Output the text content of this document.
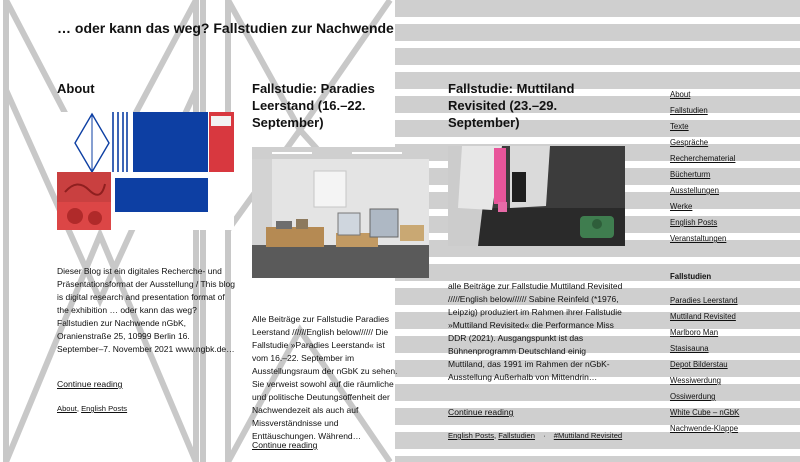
… oder kann das weg? Fallstudien zur Nachwende
About
Dieser Blog ist ein digitales Recherche- und Präsentationsformat der Ausstellung / This blog is digital research and presentation format of the exhibition … oder kann das weg? Fallstudien zur Nachwende nGbK, Oranienstraße 25, 10999 Berlin 16. September–7. November 2021 www.ngbk.de…
Continue reading
About, English Posts
Fallstudie: Paradies Leerstand (16.–22. September)
Alle Beiträge zur Fallstudie Paradies Leerstand //////English below////// Die Fallstudie »Paradies Leerstand« ist vom 16.–22. September im Ausstellungsraum der nGbK zu sehen. Sie verweist sowohl auf die räumliche und politische Deutungsoffenheit der Nachwendezeit als auch auf Missverständnisse und Enttäuschungen. Während…
Continue reading
Fallstudie: Muttiland Revisited (23.–29. September)
alle Beiträge zur Fallstudie Muttiland Revisited /////English below////// Sabine Reinfeld (*1976, Leipzig) produziert im Rahmen ihrer Fallstudie »Muttiland Revisited« die Performance Miss DDR (2021). Ausgangspunkt ist das Bühnenprogramm Deutschland einig Muttiland, das 1991 im Rahmen der nGbK-Ausstellung Außerhalb von Mittendrin…
Continue reading
English Posts, Fallstudien · #Muttiland Revisited
About
Fallstudien
Texte
Gespräche
Recherchematerial
Bücherturm
Ausstellungen
Werke
English Posts
Veranstaltungen
Fallstudien
Paradies Leerstand
Muttiland Revisited
Marlboro Man
Stasisauna
Depot Bilderstau
Wessiwerdung
Ossiwerdung
White Cube – nGbK
Nachwende-Klappe
